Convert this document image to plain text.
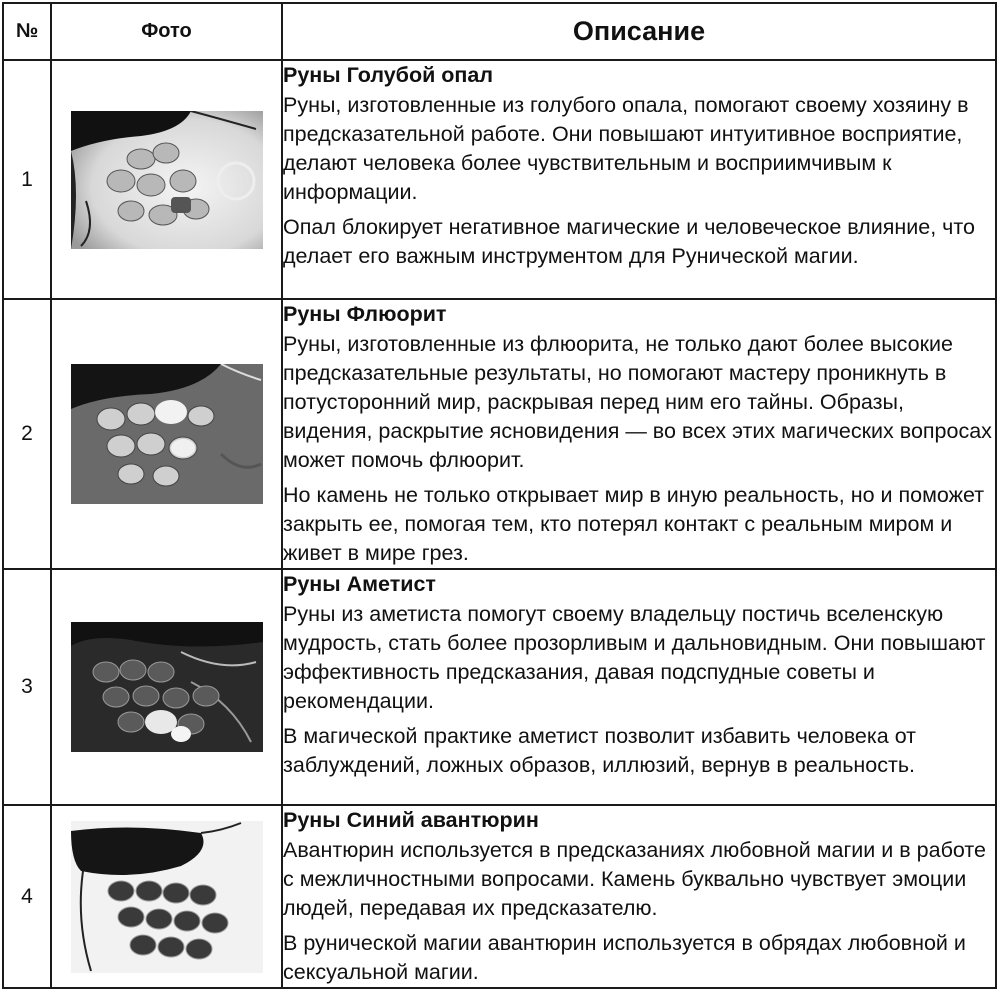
№	Фото	Описание
1		Руны Голубой опал
Руны, изготовленные из голубого опала, помогают своему хозяину в предсказательной работе. Они повышают интуитивное восприятие, делают человека более чувствительным и восприимчивым к информации.
Опал блокирует негативное магические и человеческое влияние, что делает его важным инструментом для Рунической магии.

2		Руны Флюорит
Руны, изготовленные из флюорита, не только дают более высокие предсказательные результаты, но помогают мастеру проникнуть в потусторонний мир, раскрывая перед ним его тайны. Образы, видения, раскрытие ясновидения — во всех этих магических вопросах может помочь флюорит.
Но камень не только открывает мир в иную реальность, но и поможет закрыть ее, помогая тем, кто потерял контакт с реальным миром и живет в мире грез.

3		Руны Аметист
Руны из аметиста помогут своему владельцу постичь вселенскую мудрость, стать более прозорливым и дальновидным. Они повышают эффективность предсказания, давая подспудные советы и рекомендации.
В магической практике аметист позволит избавить человека от заблуждений, ложных образов, иллюзий, вернув в реальность.

4		Руны Синий авантюрин
Авантюрин используется в предсказаниях любовной магии и в работе с межличностными вопросами. Камень буквально чувствует эмоции людей, передавая их предсказателю.
В рунической магии авантюрин используется в обрядах любовной и сексуальной магии.
